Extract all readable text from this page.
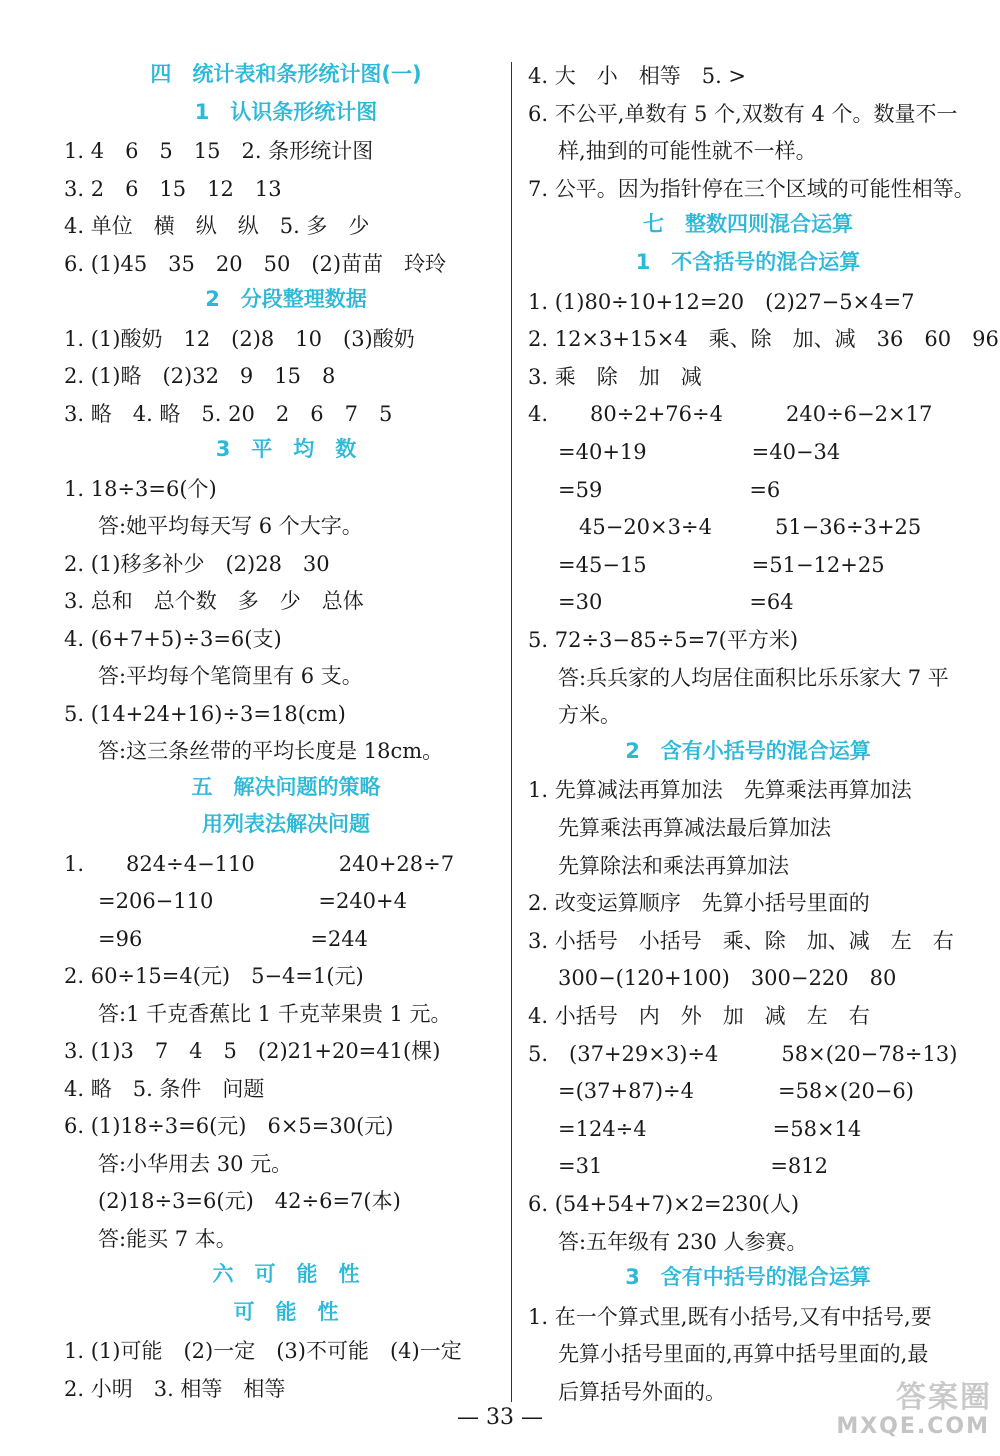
四　统计表和条形统计图(一)
1　认识条形统计图
1. 4　6　5　15　2. 条形统计图
3. 2　6　15　12　13
4. 单位　横　纵　纵　5. 多　少
6. (1)45　35　20　50　(2)苗苗　玲玲
2　分段整理数据
1. (1)酸奶　12　(2)8　10　(3)酸奶
2. (1)略　(2)32　9　15　8
3. 略　4. 略　5. 20　2　6　7　5
3　平　均　数
1. 18÷3=6(个)
答:她平均每天写 6 个大字。
2. (1)移多补少　(2)28　30
3. 总和　总个数　多　少　总体
4. (6+7+5)÷3=6(支)
答:平均每个笔筒里有 6 支。
5. (14+24+16)÷3=18(cm)
答:这三条丝带的平均长度是 18cm。
五　解决问题的策略
用列表法解决问题
1.　　824÷4−110　　　　240+28÷7
=206−110　　　　　=240+4
=96　　　　　　　　=244
2. 60÷15=4(元)　5−4=1(元)
答:1 千克香蕉比 1 千克苹果贵 1 元。
3. (1)3　7　4　5　(2)21+20=41(棵)
4. 略　5. 条件　问题
6. (1)18÷3=6(元)　6×5=30(元)
答:小华用去 30 元。
(2)18÷3=6(元)　42÷6=7(本)
答:能买 7 本。
六　可　能　性
可　能　性
1. (1)可能　(2)一定　(3)不可能　(4)一定
2. 小明　3. 相等　相等
4. 大　小　相等　5. >
6. 不公平,单数有 5 个,双数有 4 个。数量不一
样,抽到的可能性就不一样。
7. 公平。因为指针停在三个区域的可能性相等。
七　整数四则混合运算
1　不含括号的混合运算
1. (1)80÷10+12=20　(2)27−5×4=7
2. 12×3+15×4　乘、除　加、减　36　60　96
3. 乘　除　加　减
4.　　80÷2+76÷4　　　240÷6−2×17
=40+19　　　　　=40−34
=59　　　　　　　=6
　45−20×3÷4　　　51−36÷3+25
=45−15　　　　　=51−12+25
=30　　　　　　　=64
5. 72÷3−85÷5=7(平方米)
答:兵兵家的人均居住面积比乐乐家大 7 平
方米。
2　含有小括号的混合运算
1. 先算减法再算加法　先算乘法再算加法
先算乘法再算减法最后算加法
先算除法和乘法再算加法
2. 改变运算顺序　先算小括号里面的
3. 小括号　小括号　乘、除　加、减　左　右
300−(120+100)　300−220　80
4. 小括号　内　外　加　减　左　右
5.　(37+29×3)÷4　　　58×(20−78÷13)
=(37+87)÷4　　　　=58×(20−6)
=124÷4　　　　　　=58×14
=31　　　　　　　　=812
6. (54+54+7)×2=230(人)
答:五年级有 230 人参赛。
3　含有中括号的混合运算
1. 在一个算式里,既有小括号,又有中括号,要
先算小括号里面的,再算中括号里面的,最
后算括号外面的。
— 33 —
答案圈
MXQE.COM
